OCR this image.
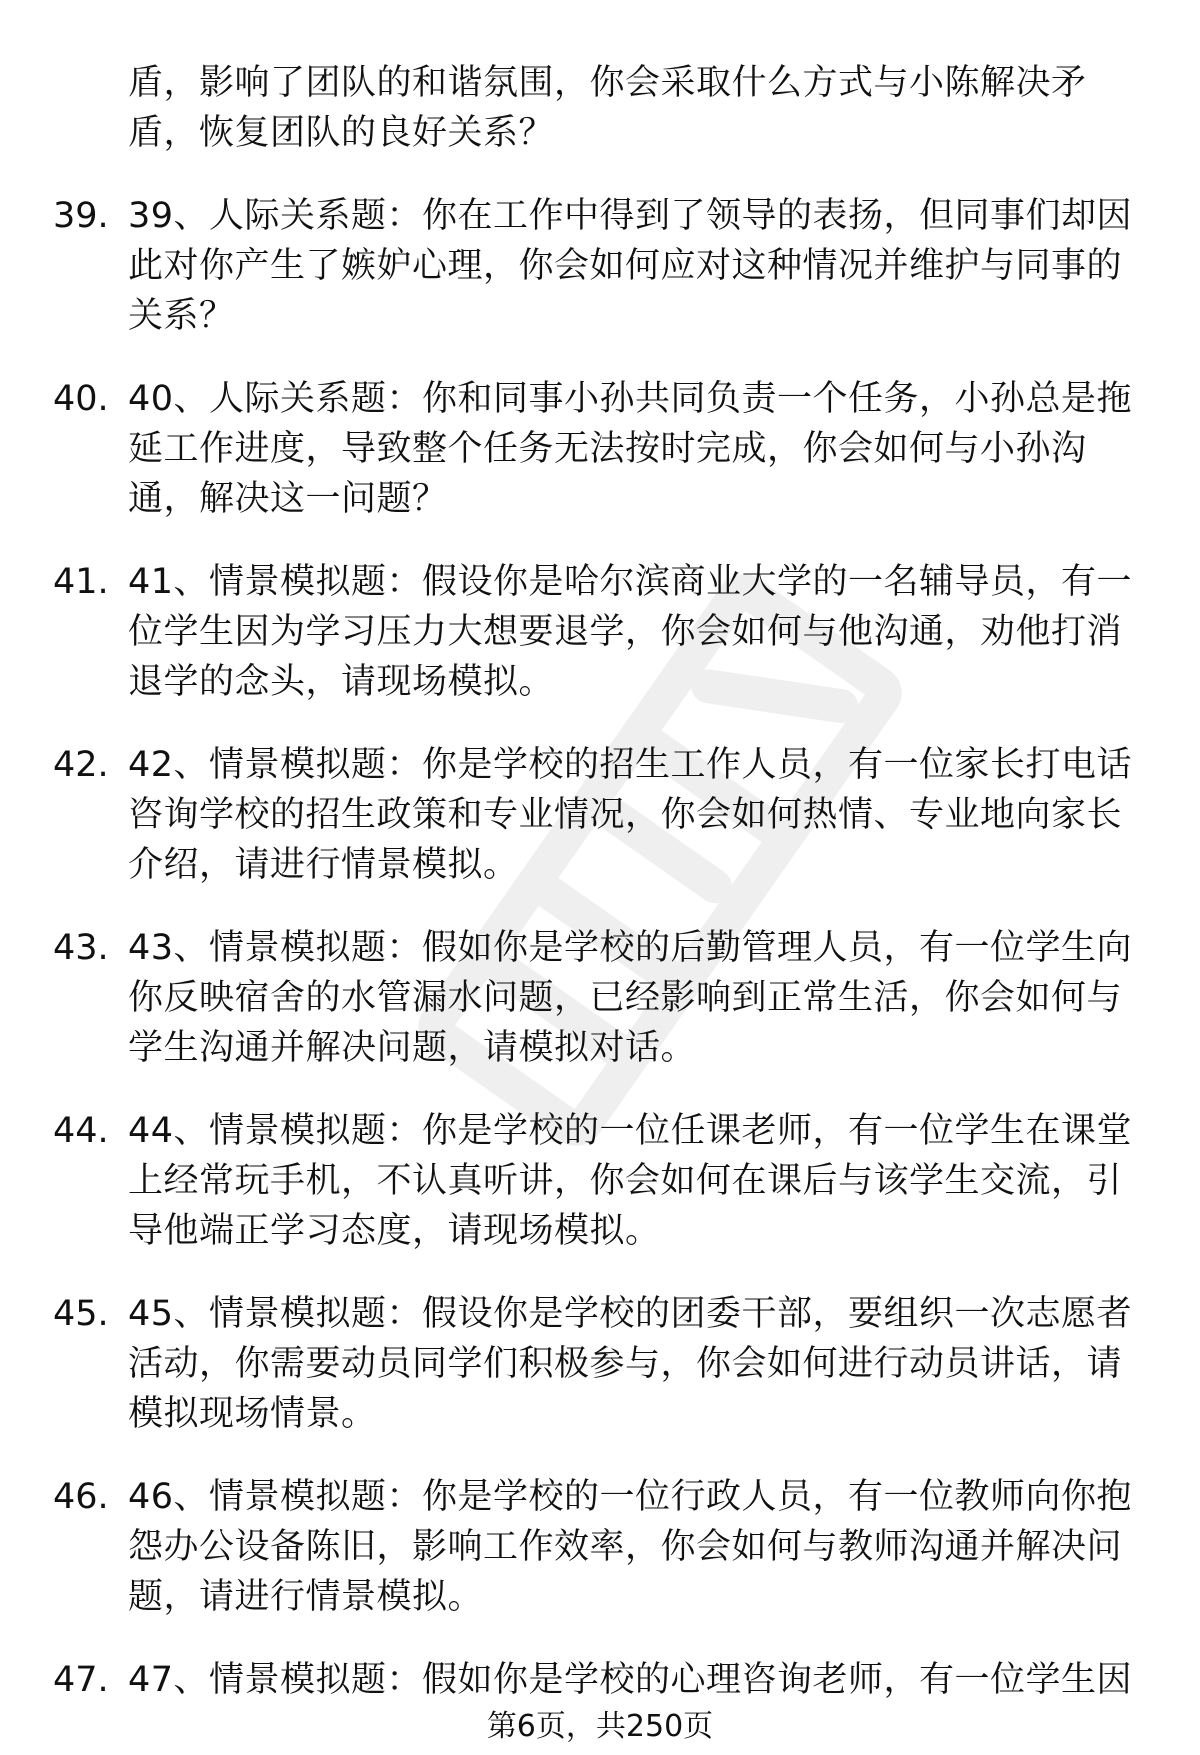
盾，影响了团队的和谐氛围，你会采取什么方式与小陈解决矛
盾，恢复团队的良好关系？
39. 39、人际关系题：你在工作中得到了领导的表扬，但同事们却因
此对你产生了嫉妒心理，你会如何应对这种情况并维护与同事的
关系？
40. 40、人际关系题：你和同事小孙共同负责一个任务，小孙总是拖
延工作进度，导致整个任务无法按时完成，你会如何与小孙沟
通，解决这一问题？
41. 41、情景模拟题：假设你是哈尔滨商业大学的一名辅导员，有一
位学生因为学习压力大想要退学，你会如何与他沟通，劝他打消
退学的念头，请现场模拟。
42. 42、情景模拟题：你是学校的招生工作人员，有一位家长打电话
咨询学校的招生政策和专业情况，你会如何热情、专业地向家长
介绍，请进行情景模拟。
43. 43、情景模拟题：假如你是学校的后勤管理人员，有一位学生向
你反映宿舍的水管漏水问题，已经影响到正常生活，你会如何与
学生沟通并解决问题，请模拟对话。
44. 44、情景模拟题：你是学校的一位任课老师，有一位学生在课堂
上经常玩手机，不认真听讲，你会如何在课后与该学生交流，引
导他端正学习态度，请现场模拟。
45. 45、情景模拟题：假设你是学校的团委干部，要组织一次志愿者
活动，你需要动员同学们积极参与，你会如何进行动员讲话，请
模拟现场情景。
46. 46、情景模拟题：你是学校的一位行政人员，有一位教师向你抱
怨办公设备陈旧，影响工作效率，你会如何与教师沟通并解决问
题，请进行情景模拟。
47. 47、情景模拟题：假如你是学校的心理咨询老师，有一位学生因
第6页，共250页
